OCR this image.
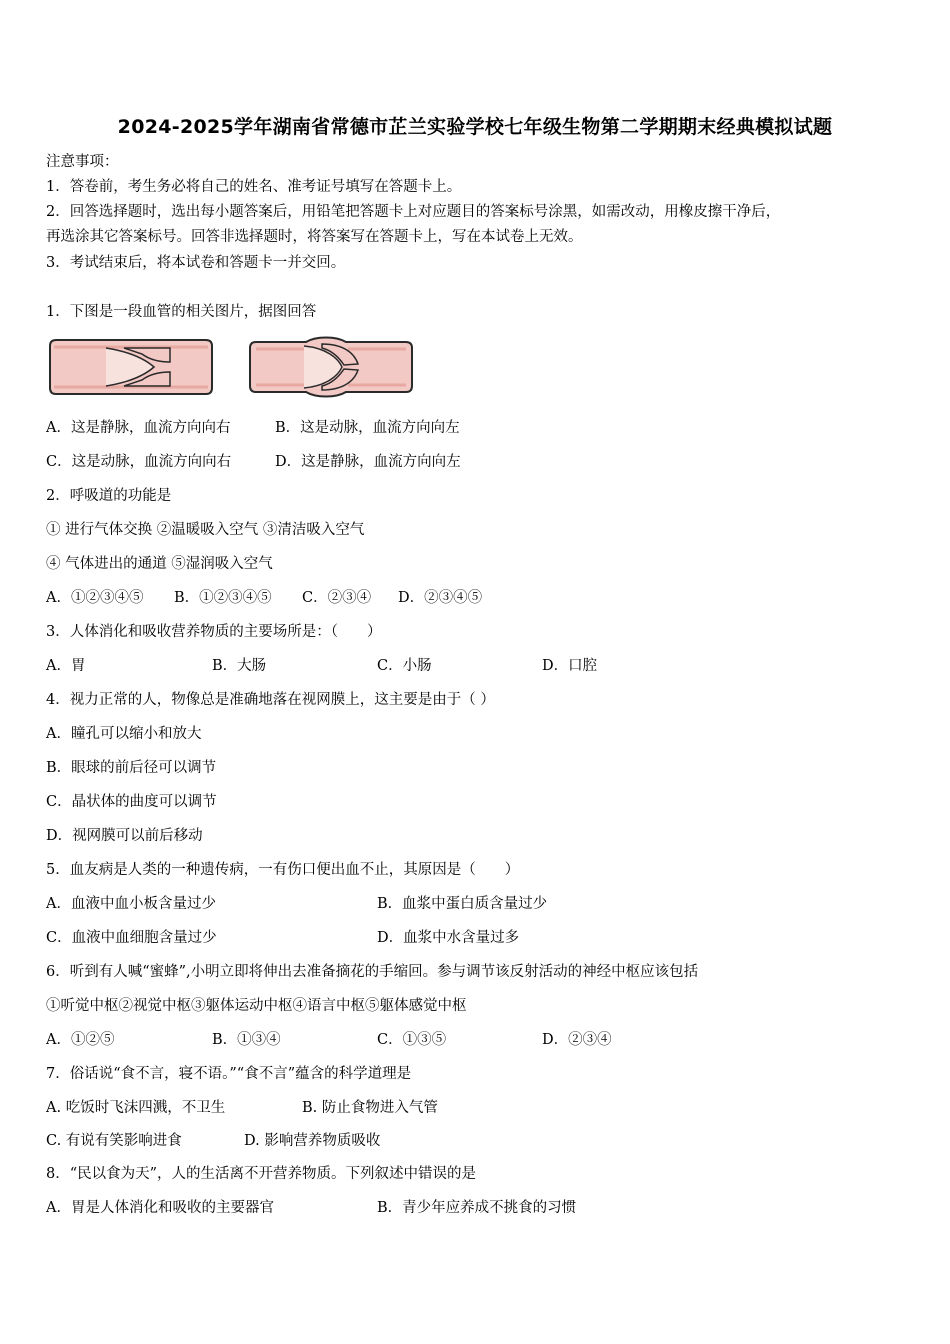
2024-2025学年湖南省常德市芷兰实验学校七年级生物第二学期期末经典模拟试题
注意事项：
1．答卷前，考生务必将自己的姓名、准考证号填写在答题卡上。
2．回答选择题时，选出每小题答案后，用铅笔把答题卡上对应题目的答案标号涂黑，如需改动，用橡皮擦干净后，
再选涂其它答案标号。回答非选择题时，将答案写在答题卡上，写在本试卷上无效。
3．考试结束后，将本试卷和答题卡一并交回。
1．下图是一段血管的相关图片，据图回答
A．这是静脉，血流方向向右	B．这是动脉，血流方向向左
C．这是动脉，血流方向向右	D．这是静脉，血流方向向左
2．呼吸道的功能是
① 进行气体交换 ②温暖吸入空气 ③清洁吸入空气
④ 气体进出的通道 ⑤湿润吸入空气
A．①②③④⑤ B．①②③④⑤ C．②③④ D．②③④⑤
3．人体消化和吸收营养物质的主要场所是：（　　）
A．胃	B．大肠	C．小肠	D．口腔
4．视力正常的人，物像总是准确地落在视网膜上，这主要是由于（ ）
A．瞳孔可以缩小和放大
B．眼球的前后径可以调节
C．晶状体的曲度可以调节
D．视网膜可以前后移动
5．血友病是人类的一种遗传病，一有伤口便出血不止，其原因是（　　）
A．血液中血小板含量过少	B．血浆中蛋白质含量过少
C．血液中血细胞含量过少	D．血浆中水含量过多
6．听到有人喊“蜜蜂”,小明立即将伸出去准备摘花的手缩回。参与调节该反射活动的神经中枢应该包括
①听觉中枢②视觉中枢③躯体运动中枢④语言中枢⑤躯体感觉中枢
A．①②⑤	B．①③④	C．①③⑤	D．②③④
7．俗话说“食不言，寝不语。”“食不言”蕴含的科学道理是
A. 吃饭时飞沫四溅，不卫生	B. 防止食物进入气管
C. 有说有笑影响进食	D. 影响营养物质吸收
8．“民以食为天”，人的生活离不开营养物质。下列叙述中错误的是
A．胃是人体消化和吸收的主要器官	B．青少年应养成不挑食的习惯
